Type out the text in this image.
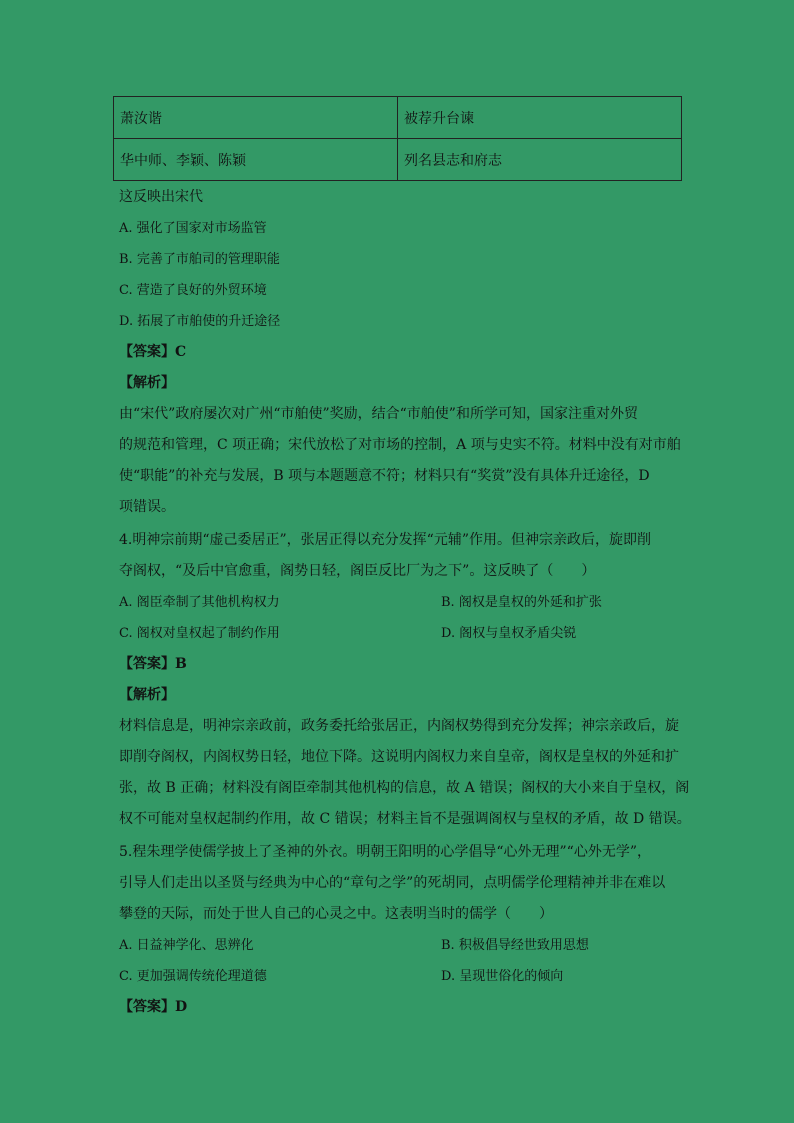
萧汝谐	被荐升台谏
华中师、李颖、陈颖	列名县志和府志
这反映出宋代
A. 强化了国家对市场监管
B. 完善了市舶司的管理职能
C. 营造了良好的外贸环境
D. 拓展了市舶使的升迁途径
【答案】C
【解析】
由“宋代”政府屡次对广州“市舶使”奖励，结合“市舶使”和所学可知，国家注重对外贸
的规范和管理，C 项正确；宋代放松了对市场的控制，A 项与史实不符。材料中没有对市舶
使“职能”的补充与发展，B 项与本题题意不符；材料只有“奖赏”没有具体升迁途径，D
项错误。
4.明神宗前期“虚己委居正”，张居正得以充分发挥“元辅”作用。但神宗亲政后，旋即削
夺阁权，“及后中官愈重，阁势日轻，阁臣反比厂为之下”。这反映了（　　）
A. 阁臣牵制了其他机构权力	B. 阁权是皇权的外延和扩张
C. 阁权对皇权起了制约作用	D. 阁权与皇权矛盾尖锐
【答案】B
【解析】
材料信息是，明神宗亲政前，政务委托给张居正，内阁权势得到充分发挥；神宗亲政后，旋
即削夺阁权，内阁权势日轻，地位下降。这说明内阁权力来自皇帝，阁权是皇权的外延和扩
张，故 B 正确；材料没有阁臣牵制其他机构的信息，故 A 错误；阁权的大小来自于皇权，阁
权不可能对皇权起制约作用，故 C 错误；材料主旨不是强调阁权与皇权的矛盾，故 D 错误。
5.程朱理学使儒学披上了圣神的外衣。明朝王阳明的心学倡导“心外无理”“心外无学”，
引导人们走出以圣贤与经典为中心的“章句之学”的死胡同，点明儒学伦理精神并非在难以
攀登的天际，而处于世人自己的心灵之中。这表明当时的儒学（　　）
A. 日益神学化、思辨化	B. 积极倡导经世致用思想
C. 更加强调传统伦理道德	D. 呈现世俗化的倾向
【答案】D
